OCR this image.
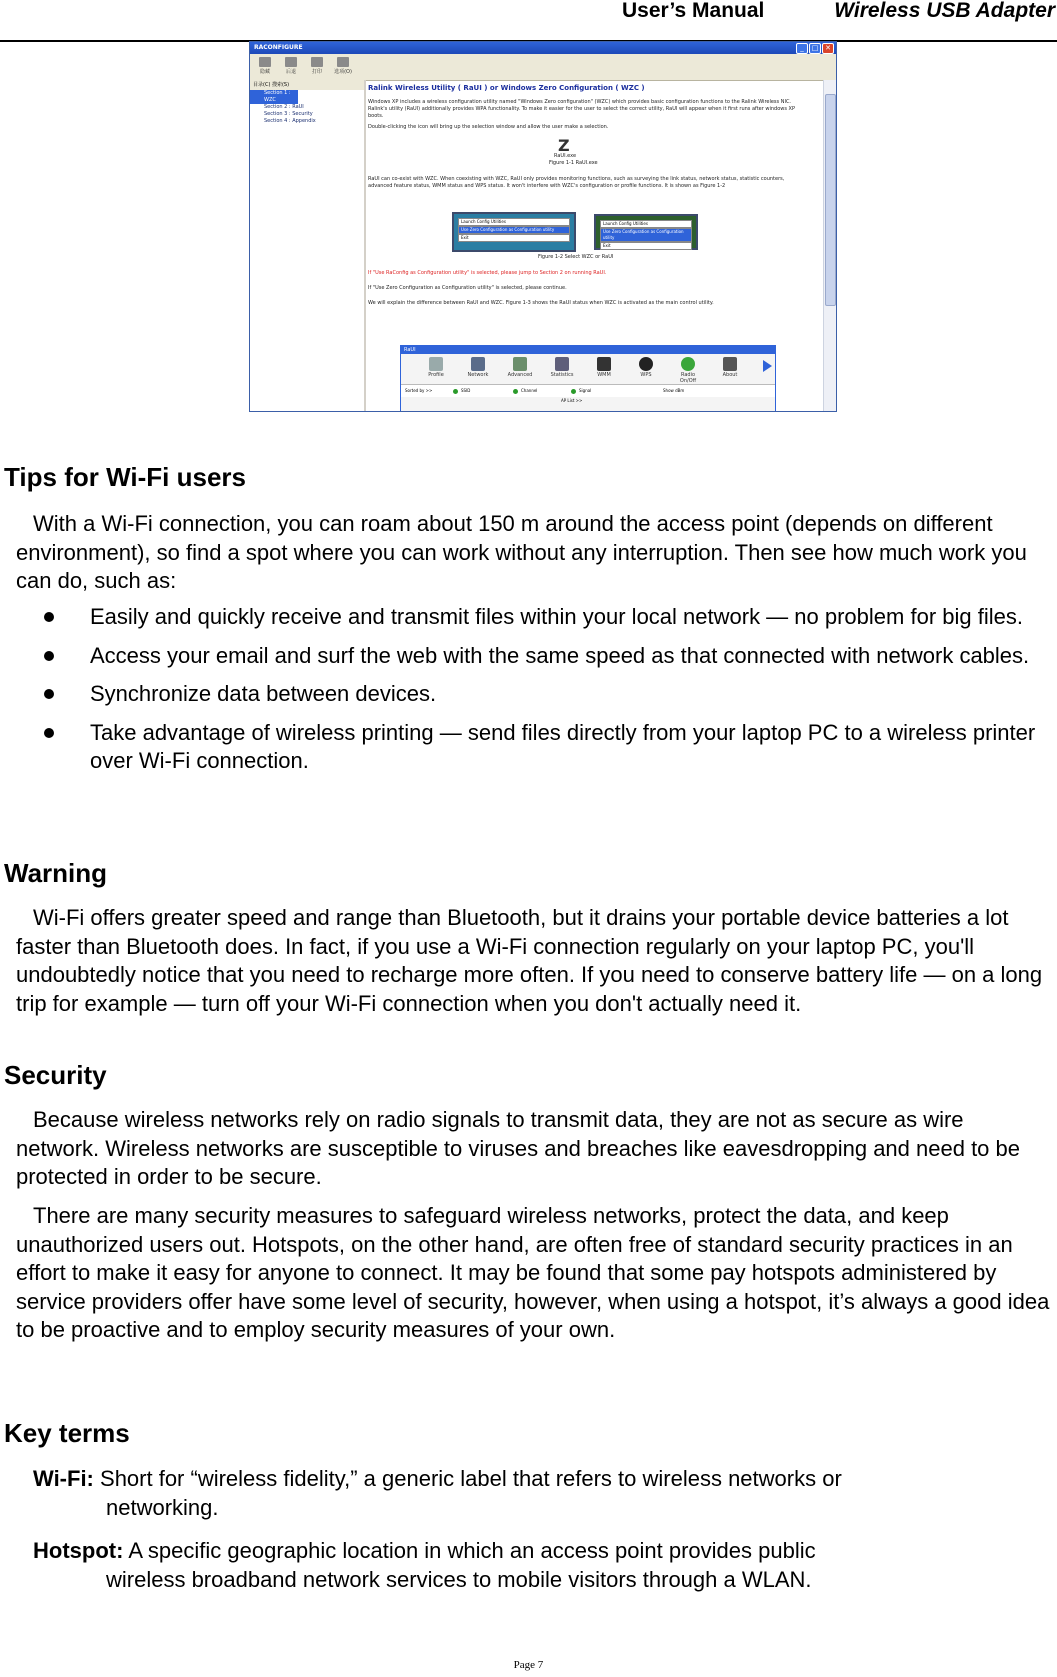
User’s Manual	Wireless USB Adapter
RACONFIGURE	_ □ ✕
隐藏	后退	打印	选项(O)
目录(C) 搜索(S)
Section 1 : WZC
Section 2 : RaUI
Section 3 : Security
Section 4 : Appendix
Ralink Wireless Utility ( RaUI ) or Windows Zero Configuration ( WZC )
Windows XP includes a wireless configuration utility named "Windows Zero configuration" (WZC) which provides basic configuration functions to the Ralink Wireless NIC. Ralink's utility (RaUI) additionally provides WPA functionality. To make it easier for the user to select the correct utility, RaUI will appear when it first runs after windows XP boots.
Double-clicking the icon will bring up the selection window and allow the user make a selection.
Z
RaUI.exe
Figure 1-1 RaUI.exe
RaUI can co-exist with WZC. When coexisting with WZC, RaUI only provides monitoring functions, such as surveying the link status, network status, statistic counters, advanced feature status, WMM status and WPS status. It won't interfere with WZC's configuration or profile functions. It is shown as Figure 1-2
Launch Config Utilities
Use Zero Configuration as Configuration utility
Exit
Launch Config Utilities
Use Zero Configuration as Configuration utility
Exit
Figure 1-2 Select WZC or RaUI
If "Use RaConfig as Configuration utility" is selected, please jump to Section 2 on running RaUI.
If "Use Zero Configuration as Configuration utility" is selected, please continue.
We will explain the difference between RaUI and WZC. Figure 1-3 shows the RaUI status when WZC is activated as the main control utility.
RaUI
Profile	Network	Advanced	Statistics	WMM	WPS	Radio On/Off
About
Sorted by >>	SSID	Channel	Signal	Show dBm
AP List >>
Tips for Wi-Fi users

With a Wi-Fi connection, you can roam about 150 m around the access point (depends on different environment), so find a spot where you can work without any interruption. Then see how much work you can do, such as:

Easily and quickly receive and transmit files within your local network — no problem for big files.
Access your email and surf the web with the same speed as that connected with network cables.
Synchronize data between devices.
Take advantage of wireless printing — send files directly from your laptop PC to a wireless printer over Wi-Fi connection.
Warning

Wi-Fi offers greater speed and range than Bluetooth, but it drains your portable device batteries a lot faster than Bluetooth does. In fact, if you use a Wi-Fi connection regularly on your laptop PC, you'll undoubtedly notice that you need to recharge more often. If you need to conserve battery life — on a long trip for example — turn off your Wi-Fi connection when you don't actually need it.

Security

Because wireless networks rely on radio signals to transmit data, they are not as secure as wire network. Wireless networks are susceptible to viruses and breaches like eavesdropping and need to be protected in order to be secure.

There are many security measures to safeguard wireless networks, protect the data, and keep unauthorized users out. Hotspots, on the other hand, are often free of standard security practices in an effort to make it easy for anyone to connect. It may be found that some pay hotspots administered by service providers offer have some level of security, however, when using a hotspot, it’s always a good idea to be proactive and to employ security measures of your own.

Key terms
Wi-Fi: Short for “wireless fidelity,” a generic label that refers to wireless networks or
networking.
Hotspot: A specific geographic location in which an access point provides public
wireless broadband network services to mobile visitors through a WLAN.
Page 7
